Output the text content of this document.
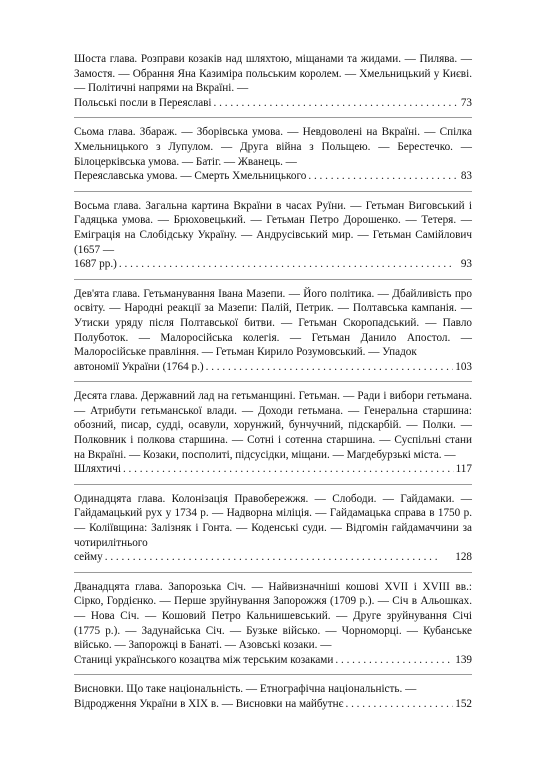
Шоста глава. Розправи козаків над шляхтою, міщанами та жидами. — Пилява. — Замостя. — Обрання Яна Казиміра польським королем. — Хмельницький у Києві. — Політичні напрями на Вкраїні. —
Польські посли в Переяславі . . .	73
Сьома глава. Збараж. — Зборівська умова. — Невдоволені на Вкраїні. — Спілка Хмельницького з Лупулом. — Друга війна з Польщею. — Берестечко. — Білоцерківська умова. — Батіг. — Жванець. —
Переяславська умова. — Смерть Хмельницького . . .	83
Восьма глава. Загальна картина Вкраїни в часах Руїни. — Гетьман Виговський і Гадяцька умова. — Брюховецький. — Гетьман Петро Дорошенко. — Тетеря. — Еміграція на Слобідську Україну. — Андрусівський мир. — Гетьман Самійлович (1657 —
1687 рр.) . . .	93
Дев'ята глава. Гетьманування Івана Мазепи. — Його політика. — Дбайливість про освіту. — Народні реакції за Мазепи: Палій, Петрик. — Полтавська кампанія. — Утиски уряду після Полтавської битви. — Гетьман Скоропадський. — Павло Полуботок. — Малоросійська колегія. — Гетьман Данило Апостол. — Малоросійське правління. — Гетьман Кирило Розумовський. — Упадок
автономії України (1764 р.) . . .	103
Десята глава. Державний лад на гетьманщині. Гетьман. — Ради і вибори гетьмана. — Атрибути гетьманської влади. — Доходи гетьмана. — Генеральна старшина: обозний, писар, судді, осавули, хорунжий, бунчучний, підскарбій. — Полки. — Полковник і полкова старшина. — Сотні і сотенна старшина. — Суспільні стани на Вкраїні. — Козаки, посполиті, підсусідки, міщани. — Магдебурзькі міста. —
Шляхтичі . . .	117
Одинадцята глава. Колонізація Правобережжя. — Слободи. — Гайдамаки. — Гайдамацький рух у 1734 р. — Надворна міліція. — Гайдамацька справа в 1750 р. — Коліївщина: Залізняк і Гонта. — Коденські суди. — Відгомін гайдамаччини за чотирилітнього
сейму . . .	128
Дванадцята глава. Запорозька Січ. — Найвизначніші кошові XVII і XVIII вв.: Сірко, Гордієнко. — Перше зруйнування Запорожжя (1709 р.). — Січ в Альошках. — Нова Січ. — Кошовий Петро Кальнишевський. — Друге зруйнування Січі (1775 р.). — Задунайська Січ. — Бузьке військо. — Чорноморці. — Кубанське військо. — Запорожці в Банаті. — Азовські козаки. —
Станиці українського козацтва між терським козаками . . .	139
Висновки. Що таке національність. — Етнографічна національність. —
Відродження України в XIX в. — Висновки на майбутнє . . .	152
